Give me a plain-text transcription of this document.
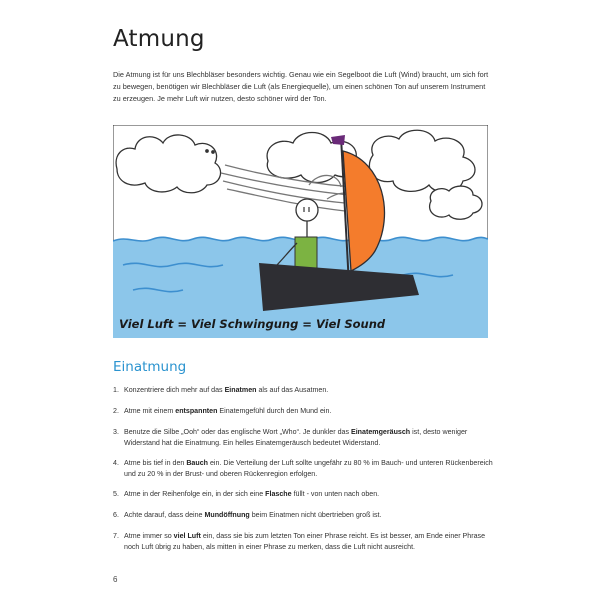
Atmung
Die Atmung ist für uns Blechbläser besonders wichtig. Genau wie ein Segelboot die Luft (Wind) braucht, um sich fort zu bewegen, benötigen wir Blechbläser die Luft (als Energiequelle), um einen schönen Ton auf unserem Instrument zu erzeugen. Je mehr Luft wir nutzen, desto schöner wird der Ton.
Viel Luft = Viel Schwingung = Viel Sound
Einatmung
1. Konzentriere dich mehr auf das Einatmen als auf das Ausatmen.
2. Atme mit einem entspannten Einatemgefühl durch den Mund ein.
3. Benutze die Silbe „Ooh“ oder das englische Wort „Who“. Je dunkler das Einatemgeräusch ist, desto weniger Widerstand hat die Einatmung. Ein helles Einatemgeräusch bedeutet Widerstand.
4. Atme bis tief in den Bauch ein. Die Verteilung der Luft sollte ungefähr zu 80 % im Bauch- und unteren Rückenbereich und zu 20 % in der Brust- und oberen Rückenregion erfolgen.
5. Atme in der Reihenfolge ein, in der sich eine Flasche füllt - von unten nach oben.
6. Achte darauf, dass deine Mundöffnung beim Einatmen nicht übertrieben groß ist.
7. Atme immer so viel Luft ein, dass sie bis zum letzten Ton einer Phrase reicht. Es ist besser, am Ende einer Phrase noch Luft übrig zu haben, als mitten in einer Phrase zu merken, dass die Luft nicht ausreicht.
6
